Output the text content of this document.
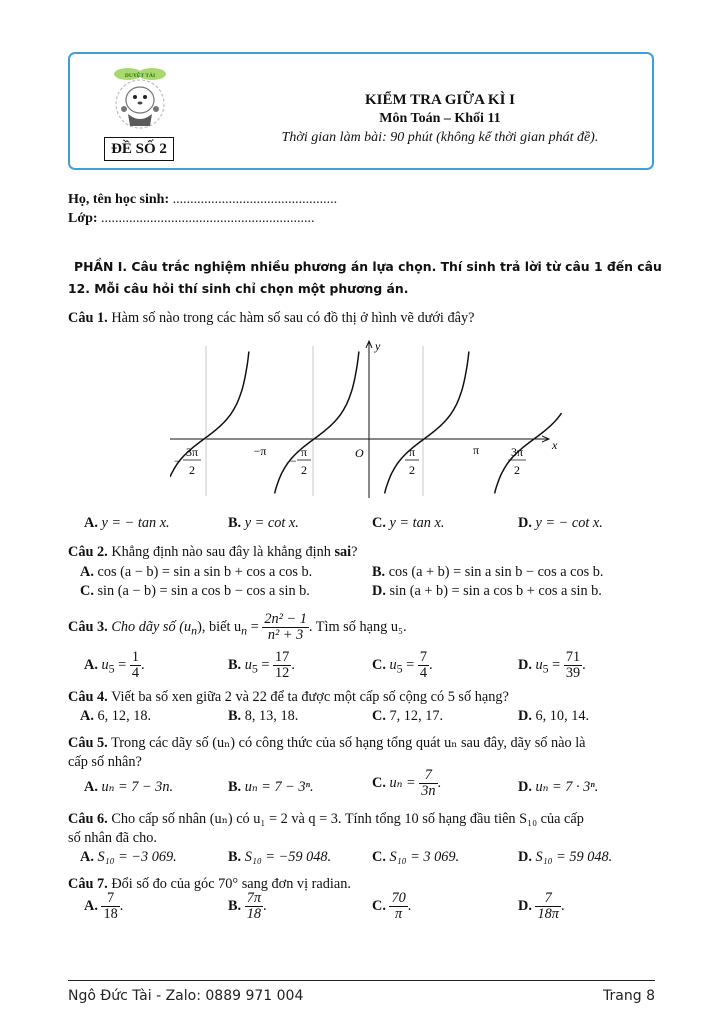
DUYỆT TÀI
ĐỀ SỐ 2
KIỂM TRA GIỮA KÌ I
Môn Toán – Khối 11
Thời gian làm bài: 90 phút (không kể thời gian phát đề).
Họ, tên học sinh: ...............................................
Lớp: .............................................................
PHẦN I. Câu trắc nghiệm nhiều phương án lựa chọn. Thí sinh trả lời từ câu 1 đến câu
12. Mỗi câu hỏi thí sinh chỉ chọn một phương án.
Câu 1. Hàm số nào trong các hàm số sau có đồ thị ở hình vẽ dưới đây?
x
y
O
−
3π
2
−π
−
π
2
π
2
π	3π
2
A. y = − tan x.	B. y = cot x.	C. y = tan x.	D. y = − cot x.
Câu 2. Khẳng định nào sau đây là khẳng định sai?
A. cos (a − b) = sin a sin b + cos a cos b.	B. cos (a + b) = sin a sin b − cos a cos b.
C. sin (a − b) = sin a cos b − cos a sin b.	D. sin (a + b) = sin a cos b + cos a sin b.
Câu 3. Cho dãy số $(u_n)$, biết $u_n = \frac{\text{2n² − 1}}{\text{n² + 3}}$ . Tìm số hạng u₅.
A. $u_5 = \frac{1}{4}$ .	B. $u_5 = \frac{17}{12}$ .	C. $u_5 = \frac{7}{4}$ .	D. $u_5 = \frac{71}{39}$ .
Câu 4. Viết ba số xen giữa 2 và 22 để ta được một cấp số cộng có 5 số hạng?
A. 6, 12, 18.	B. 8, 13, 18.	C. 7, 12, 17.	D. 6, 10, 14.
Câu 5. Trong các dãy số (uₙ) có công thức của số hạng tổng quát uₙ sau đây, dãy số nào là
cấp số nhân?
A. uₙ = 7 − 3n.	B. uₙ = 7 − 3ⁿ.	C. $u_n = \frac{7}{3n}$ .	D. uₙ = 7 · 3ⁿ.
Câu 6. Cho cấp số nhân (uₙ) có u₁ = 2 và q = 3. Tính tổng 10 số hạng đầu tiên S₁₀ của cấp
số nhân đã cho.
A. S₁₀ = −3 069.	B. S₁₀ = −59 048.	C. S₁₀ = 3 069.	D. S₁₀ = 59 048.
Câu 7. Đổi số đo của góc 70° sang đơn vị radian.
A. $\frac{7}{18}$ .	B. $\frac{7\pi}{18}$ .	C. $\frac{70}{\pi}$ .	D. $\frac{7}{18\pi}$ .
Ngô Đức Tài - Zalo: 0889 971 004	Trang 8
